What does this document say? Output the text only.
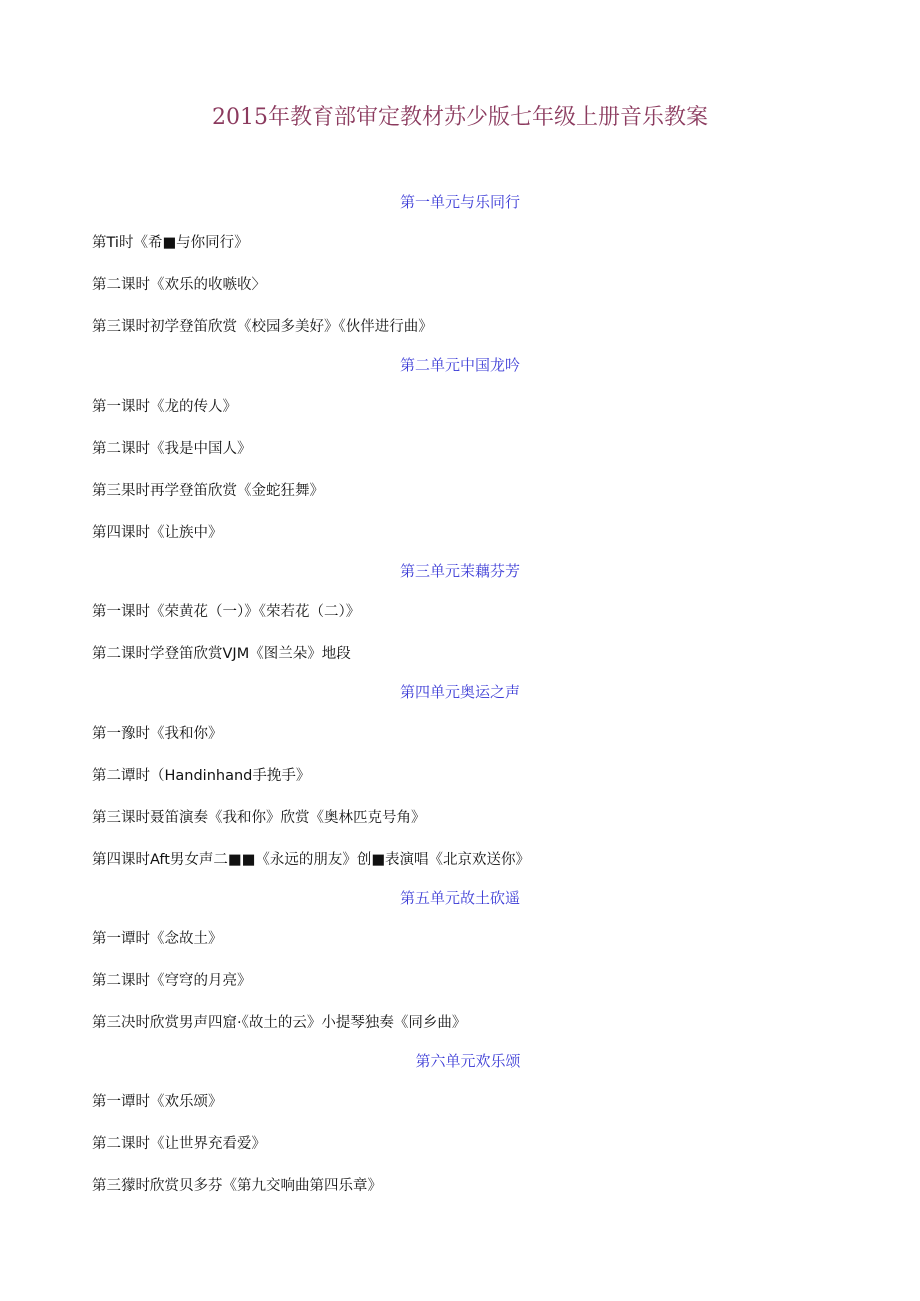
2015年教育部审定教材苏少版七年级上册音乐教案
第一单元与乐同行
第Ti时《希■与你同行》
第二课时《欢乐的收嗾收〉
第三课时初学登笛欣赏《校园多美好》《伙伴进行曲》
第二单元中国龙吟
第一课时《龙的传人》
第二课时《我是中国人》
第三果时再学登笛欣赏《金蛇狂舞》
第四课时《让族中》
第三单元茉藕芬芳
第一课时《荣黄花（一）》《荣若花（二）》
第二课时学登笛欣赏VJM《图兰朵》地段
第四单元奥运之声
第一豫时《我和你》
第二谭时（Handinhand手挽手》
第三课时聂笛演奏《我和你》欣赏《奥林匹克号角》
第四课时Aft男女声二■■《永远的朋友》创■表演唱《北京欢送你》
第五单元故土砍遥
第一谭时《念故土》
第二课时《穹穹的月亮》
第三决时欣赏男声四窟·《故土的云》小提琴独奏《同乡曲》
第六单元欢乐颂
第一谭时《欢乐颂》
第二课时《让世界充看爱》
第三獴时欣赏贝多芬《第九交响曲第四乐章》
